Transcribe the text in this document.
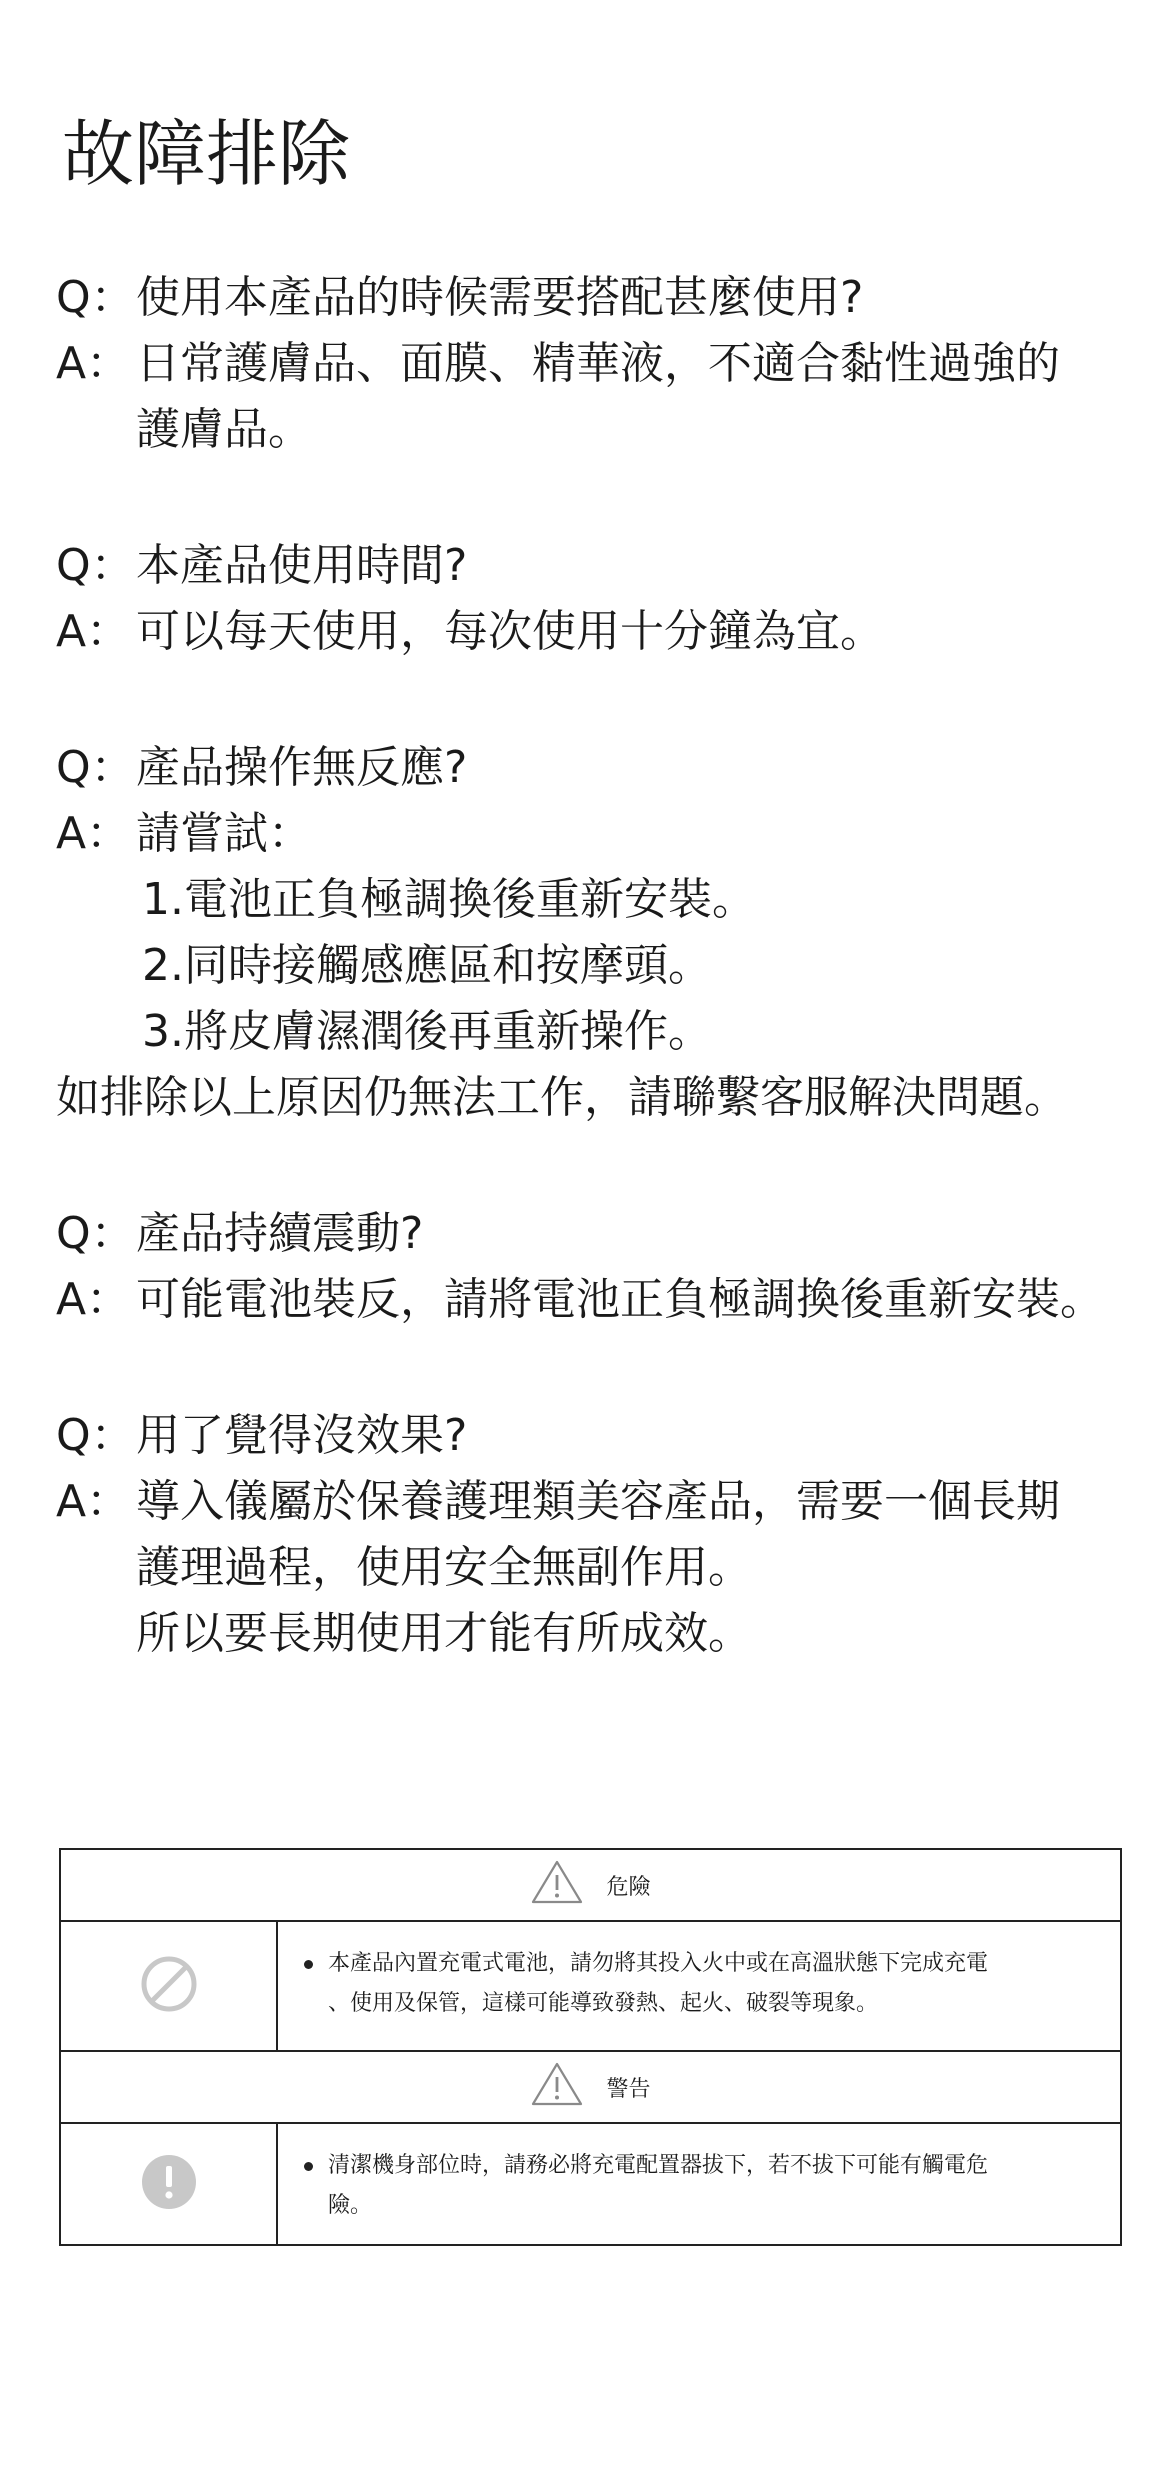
故障排除
Q： 使用本產品的時候需要搭配甚麼使用?
A： 日常護膚品、面膜、精華液，不適合黏性過強的
護膚品。
Q： 本產品使用時間?
A： 可以每天使用，每次使用十分鐘為宜。
Q： 產品操作無反應?
A： 請嘗試：
1.電池正負極調換後重新安裝。
2.同時接觸感應區和按摩頭。
3.將皮膚濕潤後再重新操作。
如排除以上原因仍無法工作，請聯繫客服解決問題。
Q： 產品持續震動?
A： 可能電池裝反，請將電池正負極調換後重新安裝。
Q： 用了覺得沒效果?
A： 導入儀屬於保養護理類美容產品，需要一個長期
護理過程，使用安全無副作用。
所以要長期使用才能有所成效。
危險
本產品內置充電式電池，請勿將其投入火中或在高溫狀態下完成充電
、使用及保管，這樣可能導致發熱、起火、破裂等現象。
警告
清潔機身部位時，請務必將充電配置器拔下，若不拔下可能有觸電危
險。
